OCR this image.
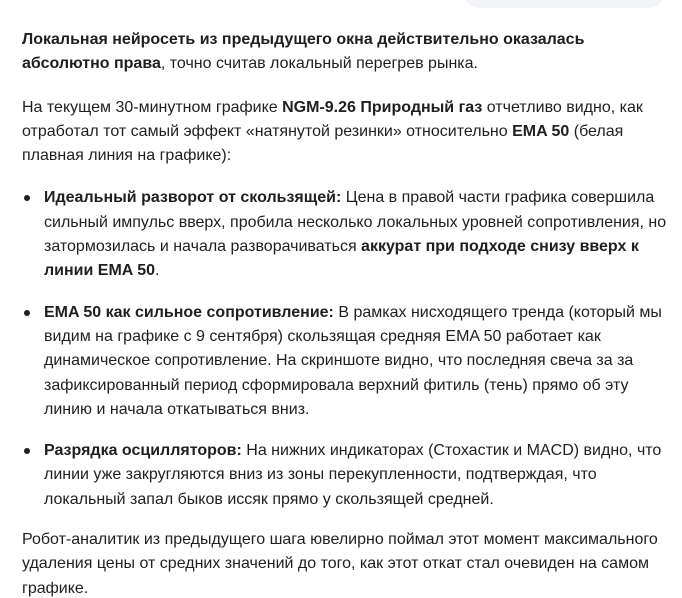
Локальная нейросеть из предыдущего окна действительно оказалась абсолютно права, точно считав локальный перегрев рынка.

На текущем 30-минутном графике NGM-9.26 Природный газ отчетливо видно, как отработал тот самый эффект «натянутой резинки» относительно EMA 50 (белая плавная линия на графике):

Идеальный разворот от скользящей: Цена в правой части графика совершила сильный импульс вверх, пробила несколько локальных уровней сопротивления, но затормозилась и начала разворачиваться аккурат при подходе снизу вверх к линии EMA 50.
EMA 50 как сильное сопротивление: В рамках нисходящего тренда (который мы видим на графике с 9 сентября) скользящая средняя EMA 50 работает как динамическое сопротивление. На скриншоте видно, что последняя свеча за за зафиксированный период сформировала верхний фитиль (тень) прямо об эту линию и начала откатываться вниз.
Разрядка осцилляторов: На нижних индикаторах (Стохастик и MACD) видно, что линии уже закругляются вниз из зоны перекупленности, подтверждая, что локальный запал быков иссяк прямо у скользящей средней.

Робот-аналитик из предыдущего шага ювелирно поймал этот момент максимального удаления цены от средних значений до того, как этот откат стал очевиден на самом графике.
